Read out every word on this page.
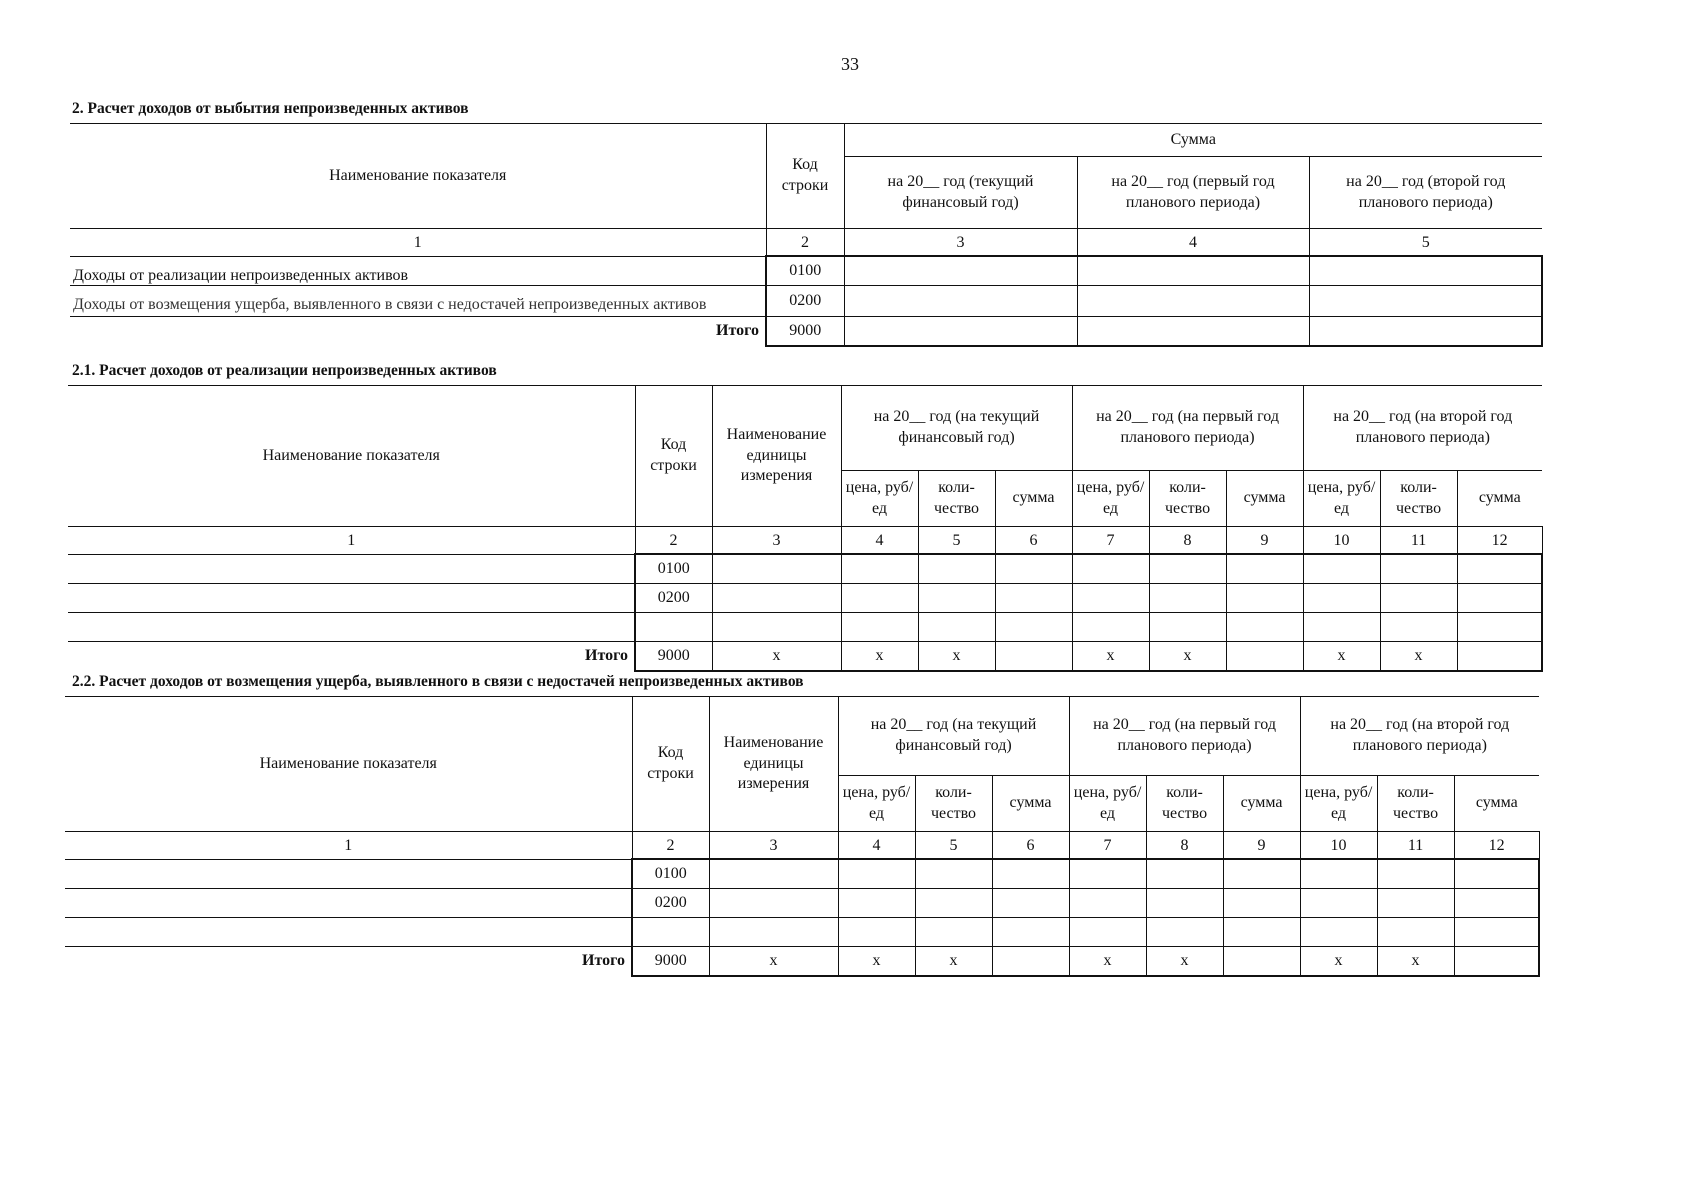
33
2. Расчет доходов от выбытия непроизведенных активов
Наименование показателя	Код строки	Сумма		
		на 20__ год (текущий финансовый год)	на 20__ год (первый год планового периода)	на 20__ год (второй год планового периода)
1	2	3	4	5
Доходы от реализации непроизведенных активов	0100			

Доходы от возмещения ущерба, выявленного в связи с недостачей непроизведенных активов	0200			
Итого	9000			
2.1. Расчет доходов от реализации непроизведенных активов
Наименование показателя	Код строки	Наименование единицы измерения	на 20__ год (на текущий финансовый год)			на 20__ год (на первый год планового периода)			на 20__ год (на второй год планового периода)		
			цена, руб/ед	коли-чество	сумма	цена, руб/ед	коли-чество	сумма	цена, руб/ед	коли-чество	сумма
1	2	3	4	5	6	7	8	9	10	11	12
	0100										
	0200										

Итого	9000	x	x	x		x	x		x	x	
2.2. Расчет доходов от возмещения ущерба, выявленного в связи с недостачей непроизведенных активов
Наименование показателя	Код строки	Наименование единицы измерения	на 20__ год (на текущий финансовый год)			на 20__ год (на первый год планового периода)			на 20__ год (на второй год планового периода)		
			цена, руб/ед	коли-чество	сумма	цена, руб/ед	коли-чество	сумма	цена, руб/ед	коли-чество	сумма
1	2	3	4	5	6	7	8	9	10	11	12
	0100										
	0200										

Итого	9000	x	x	x		x	x		x	x	
